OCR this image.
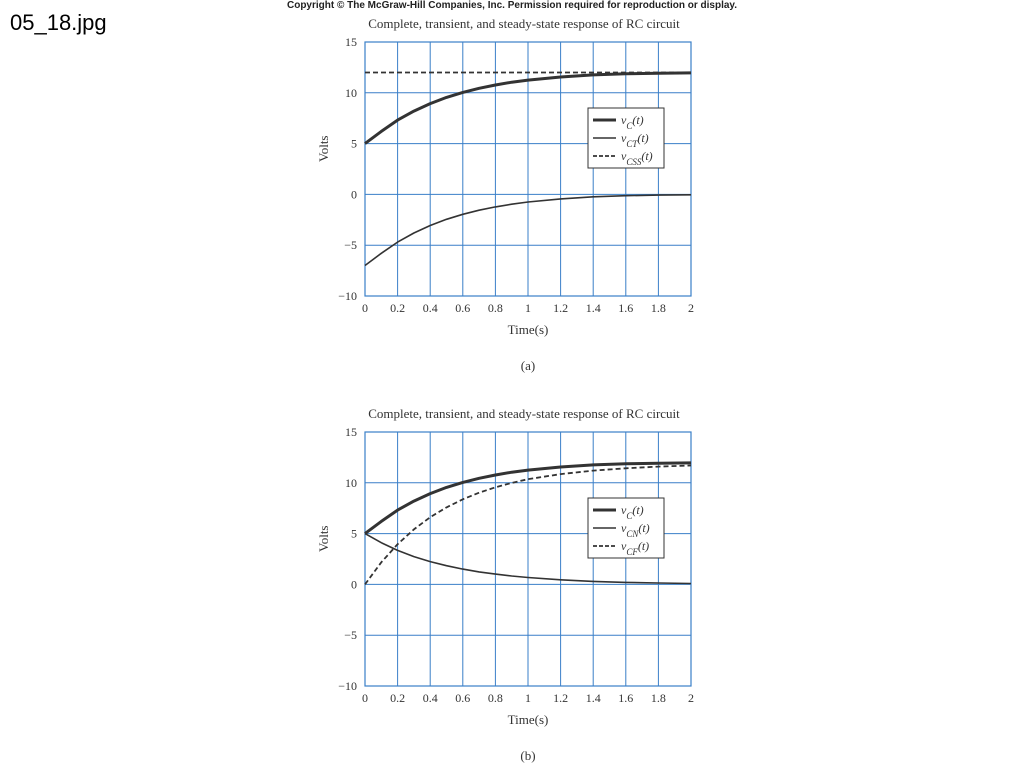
05_18.jpg
Copyright © The McGraw-Hill Companies, Inc. Permission required for reproduction or display.
Complete, transient, and steady-state response of RC circuit
Volts
0 0.2 0.4 0.6 0.8 1 1.2 1.4 1.6 1.8 2
15
10
5
0
−5
−10
$v_C(t)$
$v_{CT}(t)$
$v_{CSS}(t)$
Time(s)
(a)
Complete, transient, and steady-state response of RC circuit
Volts
0 0.2 0.4 0.6 0.8 1 1.2 1.4 1.6 1.8 2
15
10
5
0
−5
−10
$v_C(t)$
$v_{CN}(t)$
$v_{CF}(t)$
Time(s)
(b)
